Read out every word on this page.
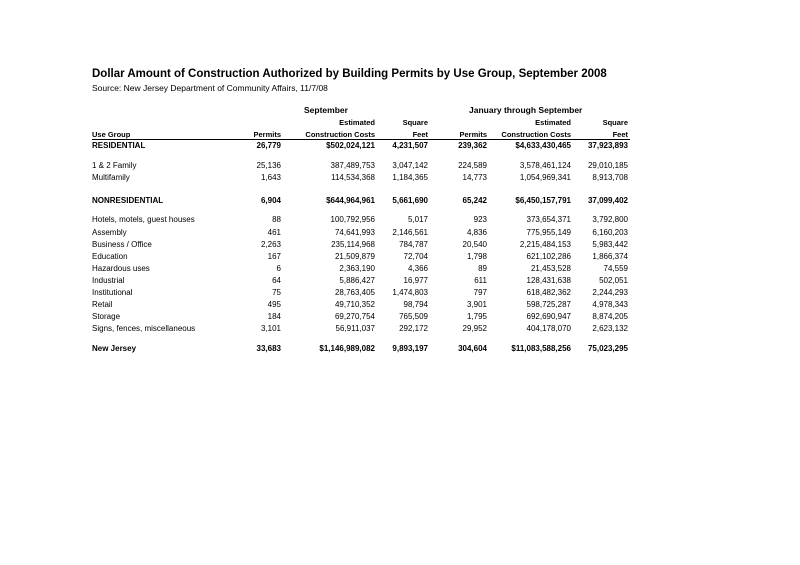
Dollar Amount of Construction Authorized by Building Permits by Use Group, September 2008
Source: New Jersey Department of Community Affairs, 11/7/08
September	January through September
Estimated	Square	Estimated	Square
Use Group	Permits	Construction Costs	Feet	Permits Construction Costs	Feet
RESIDENTIAL	26,779	$502,024,121 4,231,507	239,362	$4,633,430,465 37,923,893
1 & 2 Family	25,136	387,489,753 3,047,142	224,589	3,578,461,124 29,010,185
Multifamily	1,643	114,534,368 1,184,365	14,773	1,054,969,341	8,913,708
NONRESIDENTIAL	6,904	$644,964,961 5,661,690	65,242	$6,450,157,791 37,099,402
Hotels, motels, guest houses	88	100,792,956	5,017	923	373,654,371	3,792,800
Assembly	461	74,641,993 2,146,561	4,836	775,955,149	6,160,203
Business / Office	2,263	235,114,968	784,787	20,540	2,215,484,153	5,983,442
Education	167	21,509,879	72,704	1,798	621,102,286	1,866,374
Hazardous uses	6	2,363,190	4,366	89	21,453,528	74,559
Industrial	64	5,886,427	16,977	611	128,431,638	502,051
Institutional	75	28,763,405 1,474,803	797	618,482,362	2,244,293
Retail	495	49,710,352	98,794	3,901	598,725,287	4,978,343
Storage	184	69,270,754	765,509	1,795	692,690,947	8,874,205
Signs, fences, miscellaneous	3,101	56,911,037	292,172	29,952	404,178,070	2,623,132
New Jersey	33,683	$1,146,989,082 9,893,197	304,604	$11,083,588,256 75,023,295
